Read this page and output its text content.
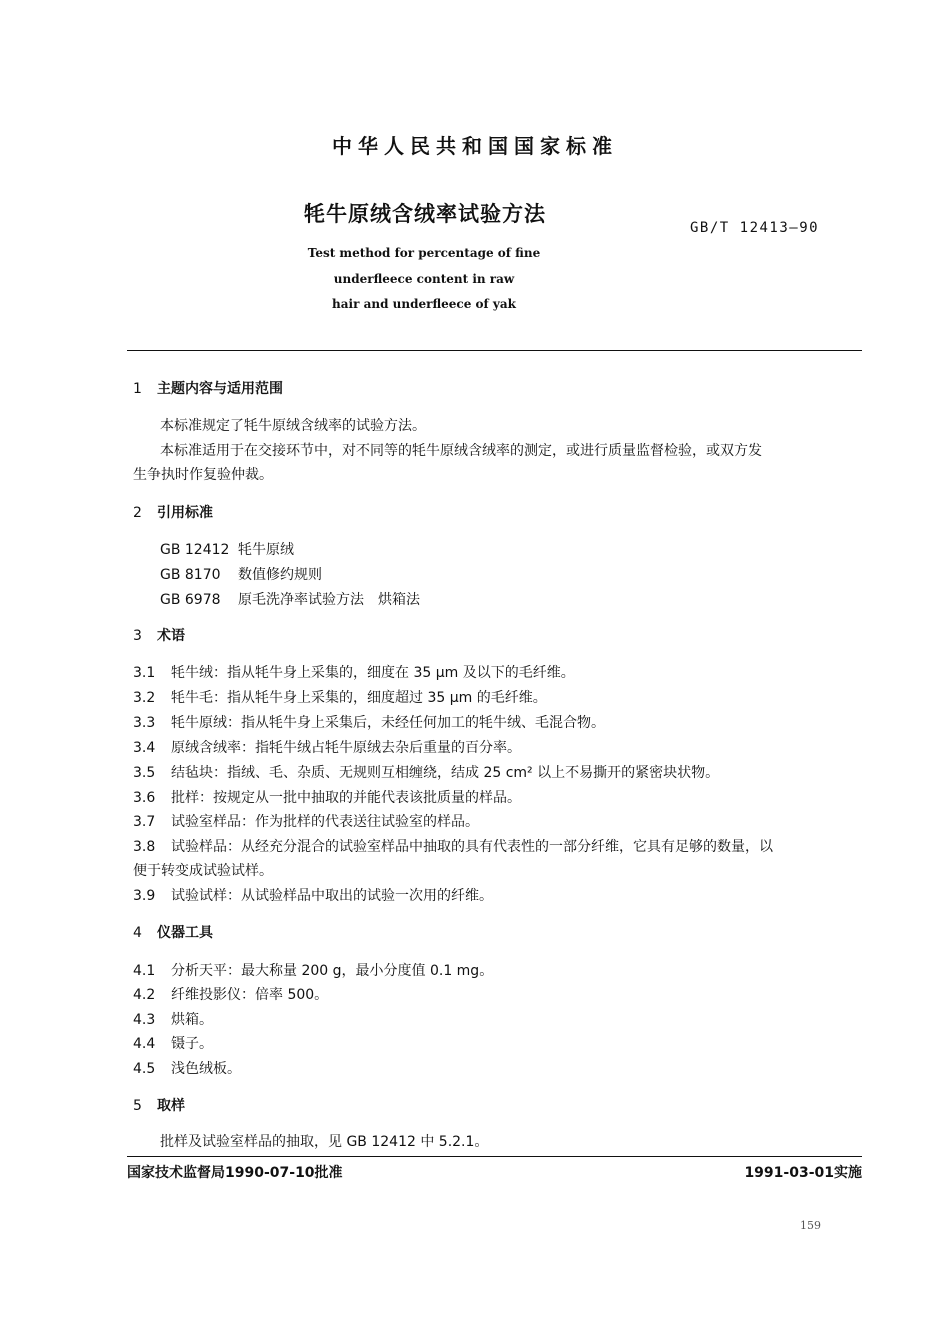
中华人民共和国国家标准
牦牛原绒含绒率试验方法
GB/T 12413—90
Test method for percentage of fine
underfleece content in raw
hair and underfleece of yak
1 主题内容与适用范围
本标准规定了牦牛原绒含绒率的试验方法。
本标准适用于在交接环节中，对不同等的牦牛原绒含绒率的测定，或进行质量监督检验，或双方发
生争执时作复验仲裁。
2 引用标准
GB 12412 牦牛原绒
GB 8170 数值修约规则
GB 6978 原毛洗净率试验方法　烘箱法
3 术语
3.1 牦牛绒：指从牦牛身上采集的，细度在 35 μm 及以下的毛纤维。
3.2 牦牛毛：指从牦牛身上采集的，细度超过 35 μm 的毛纤维。
3.3 牦牛原绒：指从牦牛身上采集后，未经任何加工的牦牛绒、毛混合物。
3.4 原绒含绒率：指牦牛绒占牦牛原绒去杂后重量的百分率。
3.5 结毡块：指绒、毛、杂质、无规则互相缠绕，结成 25 cm² 以上不易撕开的紧密块状物。
3.6 批样：按规定从一批中抽取的并能代表该批质量的样品。
3.7 试验室样品：作为批样的代表送往试验室的样品。
3.8 试验样品：从经充分混合的试验室样品中抽取的具有代表性的一部分纤维，它具有足够的数量，以
便于转变成试验试样。
3.9 试验试样：从试验样品中取出的试验一次用的纤维。
4 仪器工具
4.1 分析天平：最大称量 200 g，最小分度值 0.1 mg。
4.2 纤维投影仪：倍率 500。
4.3 烘箱。
4.4 镊子。
4.5 浅色绒板。
5 取样
批样及试验室样品的抽取，见 GB 12412 中 5.2.1。
国家技术监督局1990-07-10批准	1991-03-01实施
159
